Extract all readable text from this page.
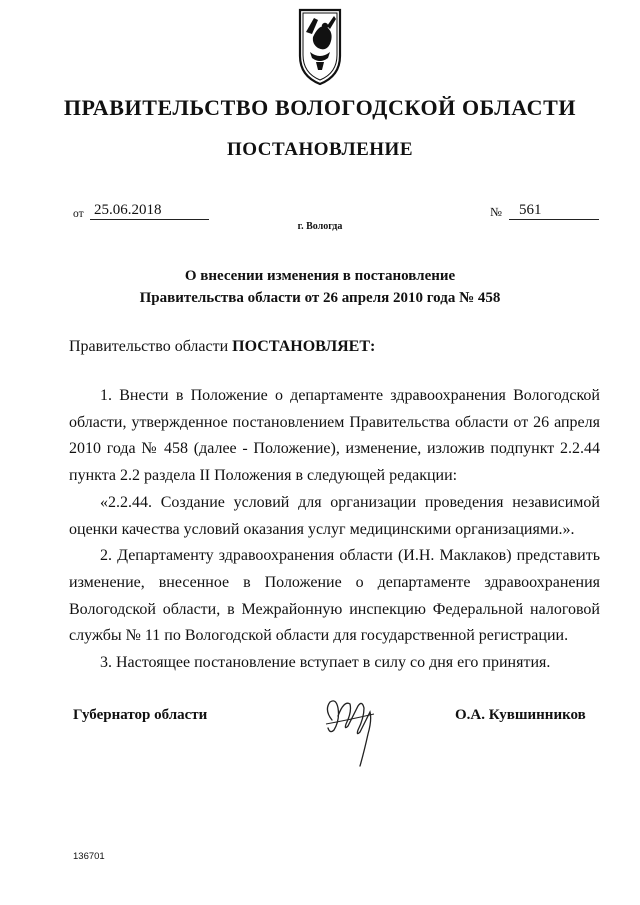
ПРАВИТЕЛЬСТВО ВОЛОГОДСКОЙ ОБЛАСТИ
ПОСТАНОВЛЕНИЕ
от 25.06.2018	№	561
г. Вологда
О внесении изменения в постановление
Правительства области от 26 апреля 2010 года № 458
Правительство области ПОСТАНОВЛЯЕТ:

1. Внести в Положение о департаменте здравоохранения Вологодской области, утвержденное постановлением Правительства области от 26 апреля 2010 года № 458 (далее - Положение), изменение, изложив подпункт 2.2.44 пункта 2.2 раздела II Положения в следующей редакции:

«2.2.44. Создание условий для организации проведения независимой оценки качества условий оказания услуг медицинскими организациями.».

2. Департаменту здравоохранения области (И.Н. Маклаков) представить изменение, внесенное в Положение о департаменте здравоохранения Вологодской области, в Межрайонную инспекцию Федеральной налоговой службы № 11 по Вологодской области для государственной регистрации.

3. Настоящее постановление вступает в силу со дня его принятия.

Губернатор области	О.А. Кувшинников
136701
